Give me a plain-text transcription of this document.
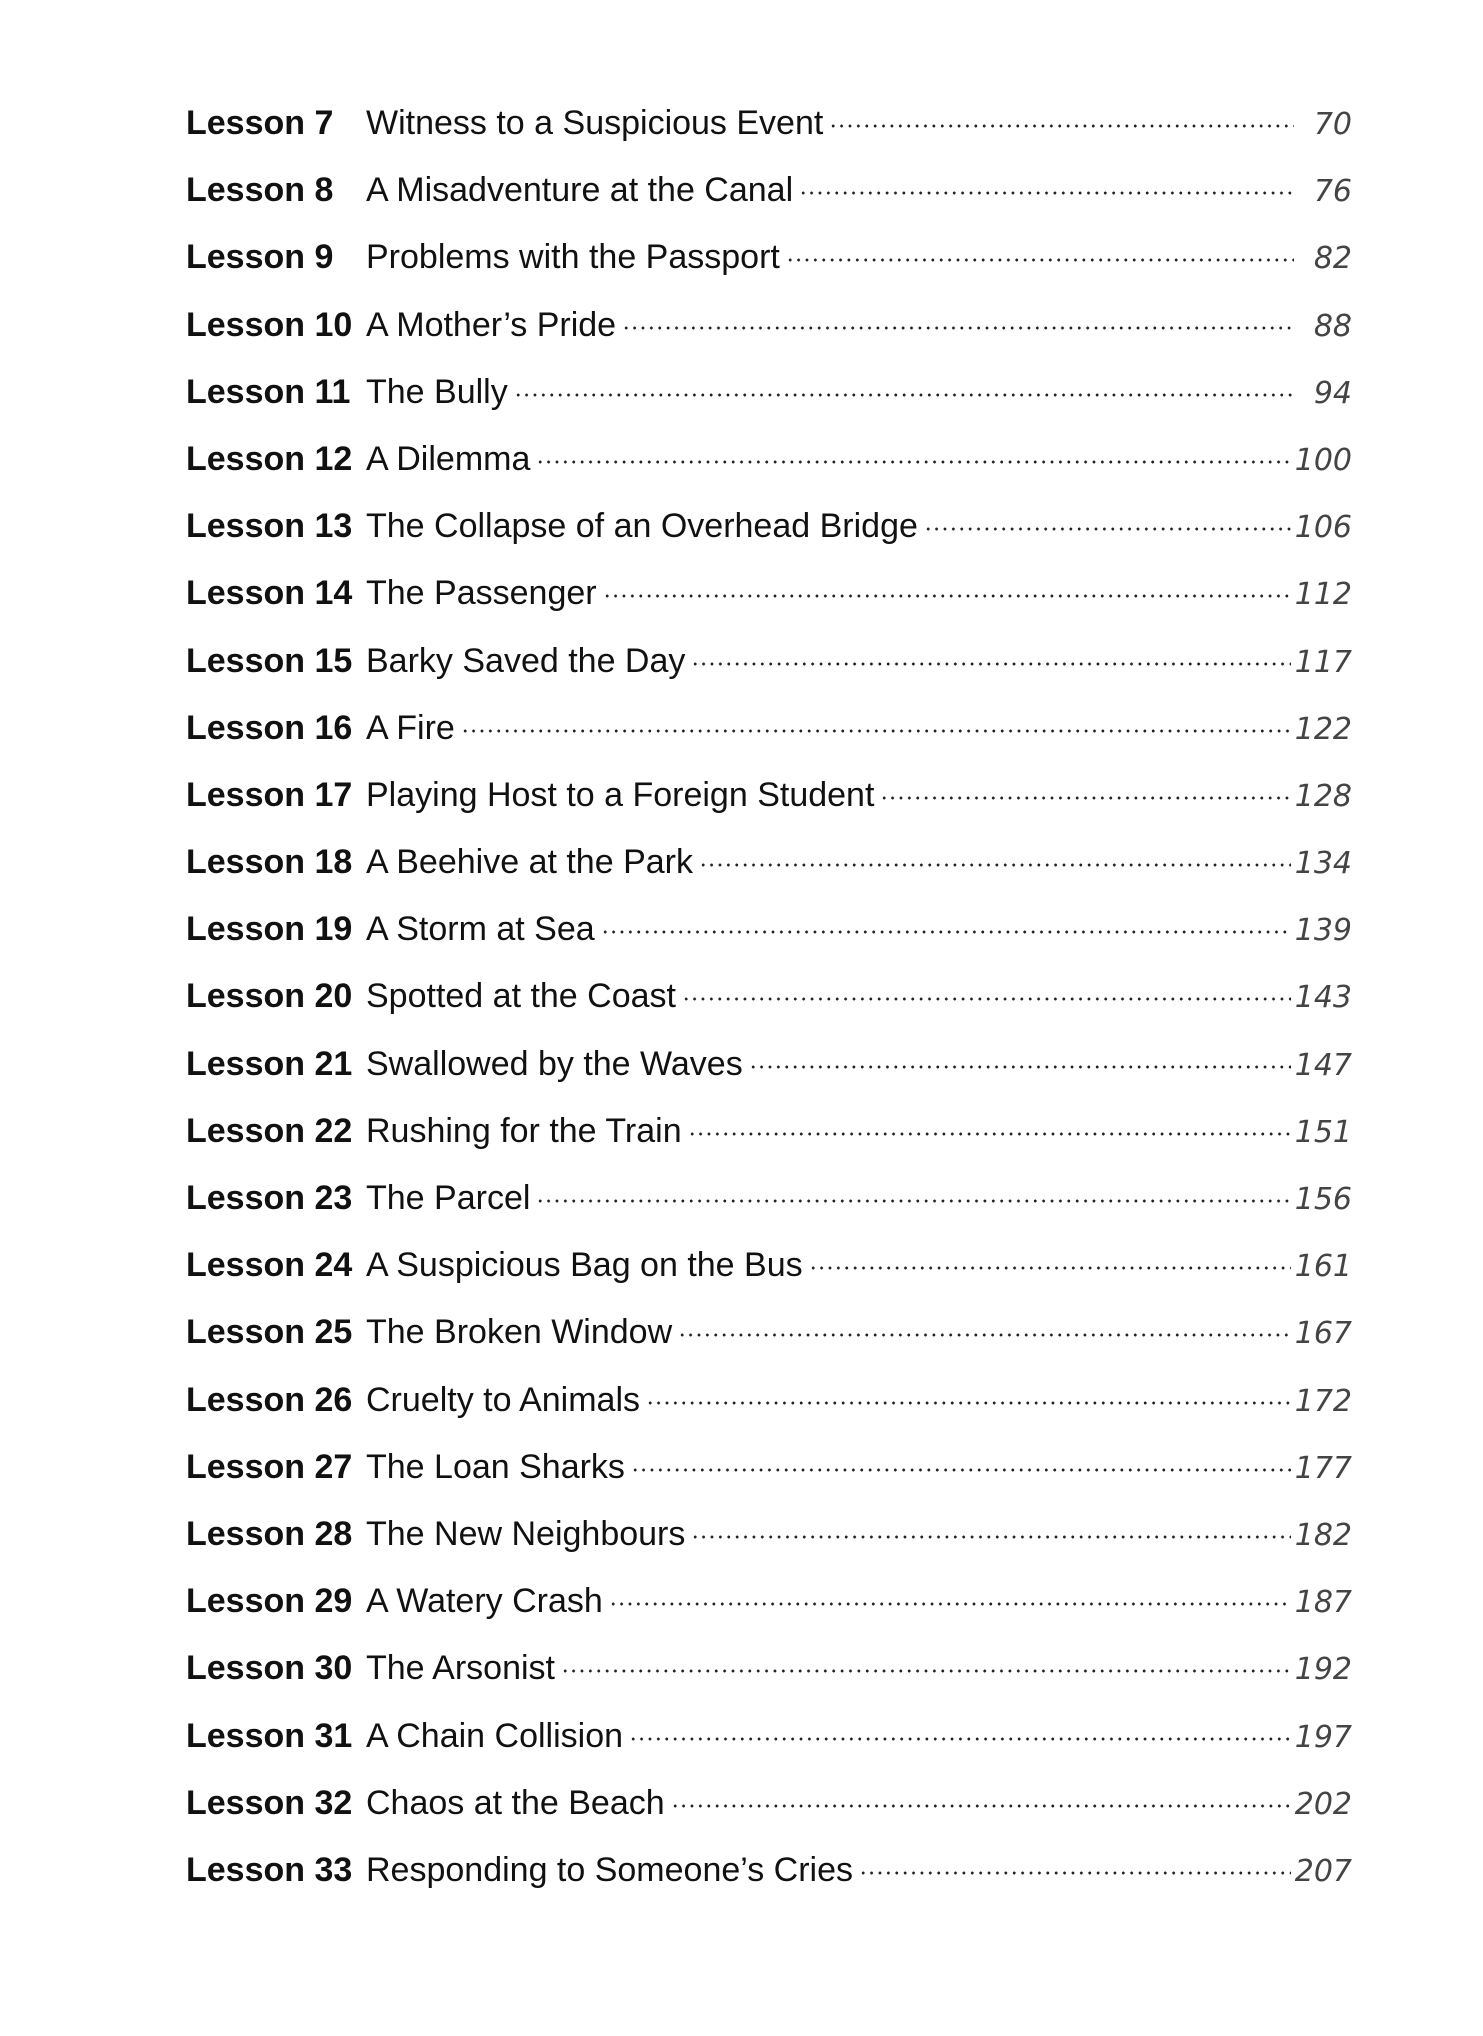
Lesson 7 Witness to a Suspicious Event	70
Lesson 8 A Misadventure at the Canal	76
Lesson 9 Problems with the Passport	82
Lesson 10 A Mother’s Pride	88
Lesson 11 The Bully	94
Lesson 12 A Dilemma	100
Lesson 13 The Collapse of an Overhead Bridge	106
Lesson 14 The Passenger	112
Lesson 15 Barky Saved the Day	117
Lesson 16 A Fire	122
Lesson 17 Playing Host to a Foreign Student	128
Lesson 18 A Beehive at the Park	134
Lesson 19 A Storm at Sea	139
Lesson 20 Spotted at the Coast	143
Lesson 21 Swallowed by the Waves	147
Lesson 22 Rushing for the Train	151
Lesson 23 The Parcel	156
Lesson 24 A Suspicious Bag on the Bus	161
Lesson 25 The Broken Window	167
Lesson 26 Cruelty to Animals	172
Lesson 27 The Loan Sharks	177
Lesson 28 The New Neighbours	182
Lesson 29 A Watery Crash	187
Lesson 30 The Arsonist	192
Lesson 31 A Chain Collision	197
Lesson 32 Chaos at the Beach	202
Lesson 33 Responding to Someone’s Cries	207
